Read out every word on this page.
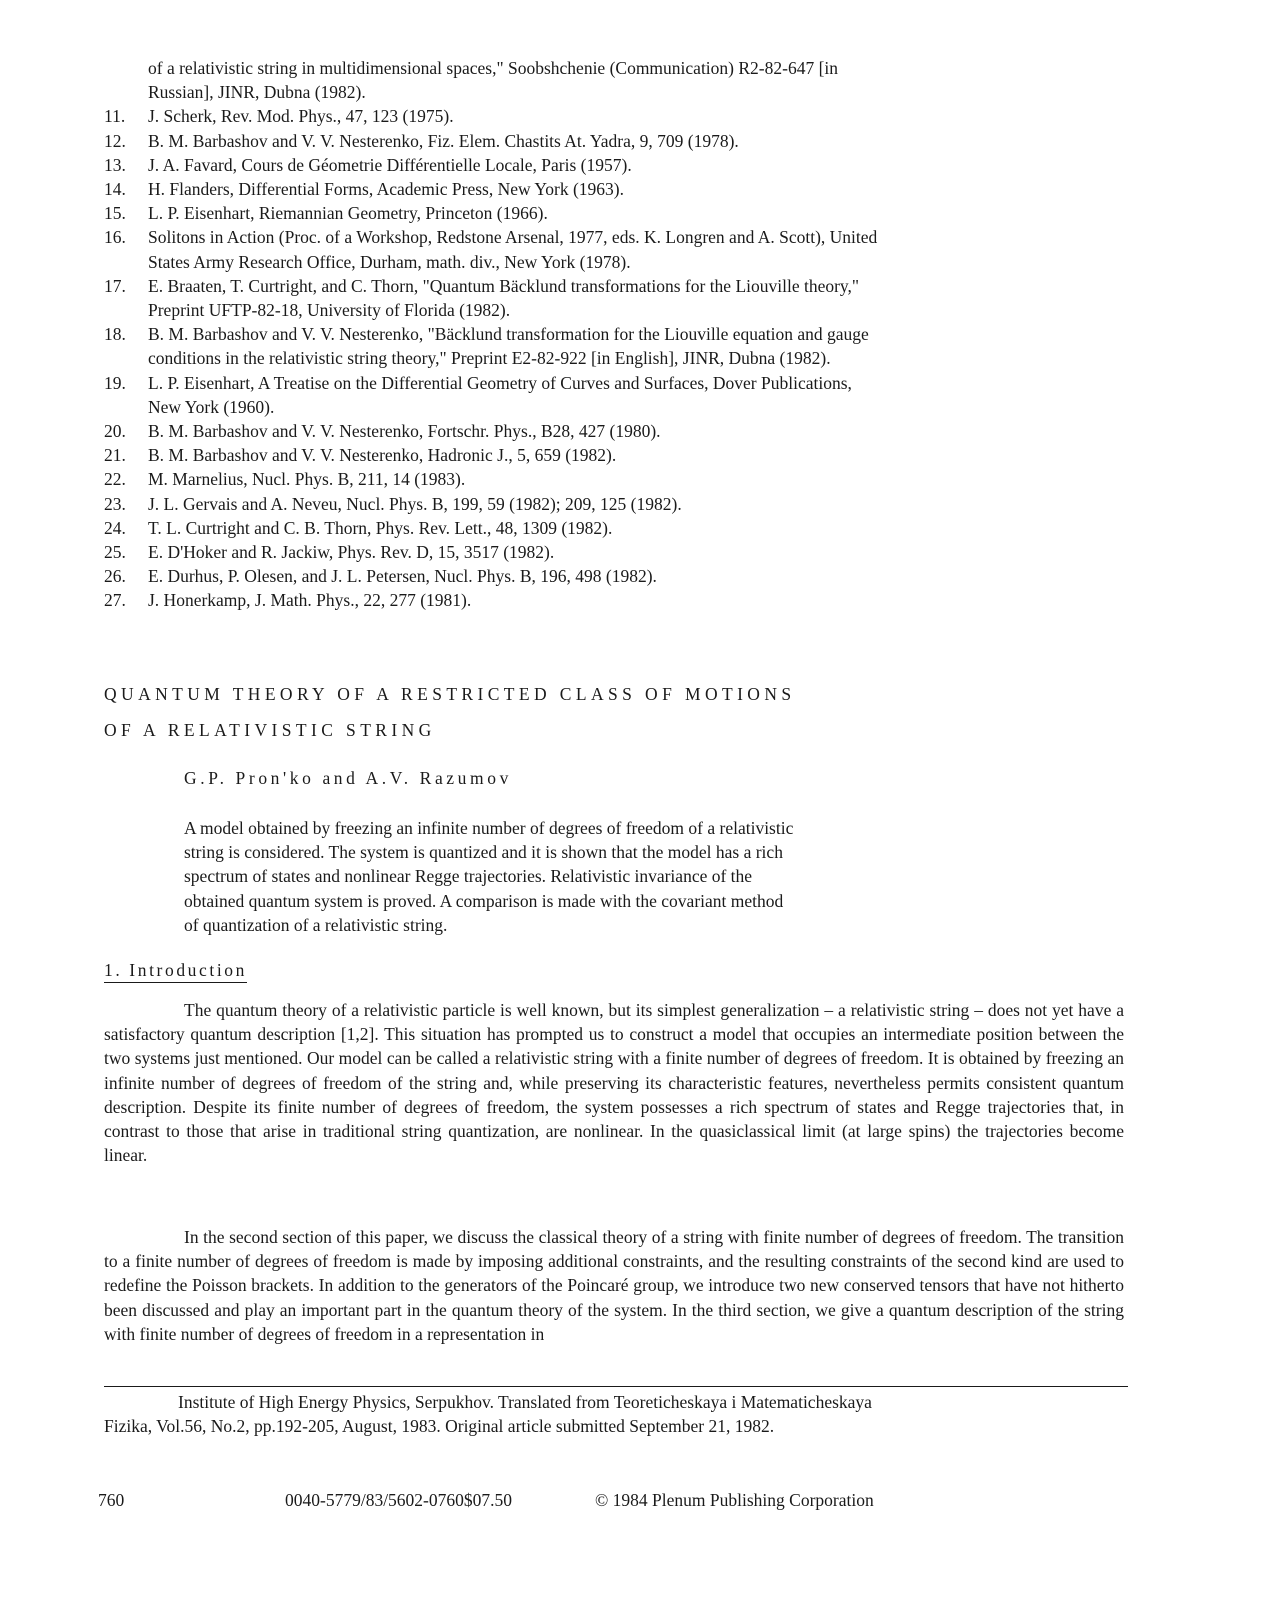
of a relativistic string in multidimensional spaces," Soobshchenie (Communication) R2-82-647 [in
Russian], JINR, Dubna (1982).
11.	J. Scherk, Rev. Mod. Phys., 47, 123 (1975).
12.	B. M. Barbashov and V. V. Nesterenko, Fiz. Elem. Chastits At. Yadra, 9, 709 (1978).
13.	J. A. Favard, Cours de Géometrie Différentielle Locale, Paris (1957).
14.	H. Flanders, Differential Forms, Academic Press, New York (1963).
15.	L. P. Eisenhart, Riemannian Geometry, Princeton (1966).
16.	Solitons in Action (Proc. of a Workshop, Redstone Arsenal, 1977, eds. K. Longren and A. Scott), United
States Army Research Office, Durham, math. div., New York (1978).
17.	E. Braaten, T. Curtright, and C. Thorn, "Quantum Bäcklund transformations for the Liouville theory,"
Preprint UFTP-82-18, University of Florida (1982).
18.	B. M. Barbashov and V. V. Nesterenko, "Bäcklund transformation for the Liouville equation and gauge
conditions in the relativistic string theory," Preprint E2-82-922 [in English], JINR, Dubna (1982).
19.	L. P. Eisenhart, A Treatise on the Differential Geometry of Curves and Surfaces, Dover Publications,
New York (1960).
20.	B. M. Barbashov and V. V. Nesterenko, Fortschr. Phys., B28, 427 (1980).
21.	B. M. Barbashov and V. V. Nesterenko, Hadronic J., 5, 659 (1982).
22.	M. Marnelius, Nucl. Phys. B, 211, 14 (1983).
23.	J. L. Gervais and A. Neveu, Nucl. Phys. B, 199, 59 (1982); 209, 125 (1982).
24.	T. L. Curtright and C. B. Thorn, Phys. Rev. Lett., 48, 1309 (1982).
25.	E. D'Hoker and R. Jackiw, Phys. Rev. D, 15, 3517 (1982).
26.	E. Durhus, P. Olesen, and J. L. Petersen, Nucl. Phys. B, 196, 498 (1982).
27.	J. Honerkamp, J. Math. Phys., 22, 277 (1981).
QUANTUM THEORY OF A RESTRICTED CLASS OF MOTIONS
OF A RELATIVISTIC STRING
G.P. Pron'ko and A.V. Razumov
A model obtained by freezing an infinite number of degrees of freedom of a relativistic
string is considered. The system is quantized and it is shown that the model has a rich
spectrum of states and nonlinear Regge trajectories. Relativistic invariance of the
obtained quantum system is proved. A comparison is made with the covariant method
of quantization of a relativistic string.
1. Introduction

The quantum theory of a relativistic particle is well known, but its simplest generalization – a relativistic string – does not yet have a satisfactory quantum description [1,2]. This situation has prompted us to construct a model that occupies an intermediate position between the two systems just mentioned. Our model can be called a relativistic string with a finite number of degrees of freedom. It is obtained by freezing an infinite number of degrees of freedom of the string and, while preserving its characteristic features, nevertheless permits consistent quantum description. Despite its finite number of degrees of freedom, the system possesses a rich spectrum of states and Regge trajectories that, in contrast to those that arise in traditional string quantization, are nonlinear. In the quasiclassical limit (at large spins) the trajectories become linear.

In the second section of this paper, we discuss the classical theory of a string with finite number of degrees of freedom. The transition to a finite number of degrees of freedom is made by imposing additional constraints, and the resulting constraints of the second kind are used to redefine the Poisson brackets. In addition to the generators of the Poincaré group, we introduce two new conserved tensors that have not hitherto been discussed and play an important part in the quantum theory of the system. In the third section, we give a quantum description of the string with finite number of degrees of freedom in a representation in

Institute of High Energy Physics, Serpukhov. Translated from Teoreticheskaya i Matematicheskaya
Fizika, Vol.56, No.2, pp.192-205, August, 1983. Original article submitted September 21, 1982.
760	0040-5779/83/5602-0760$07.50	© 1984 Plenum Publishing Corporation
